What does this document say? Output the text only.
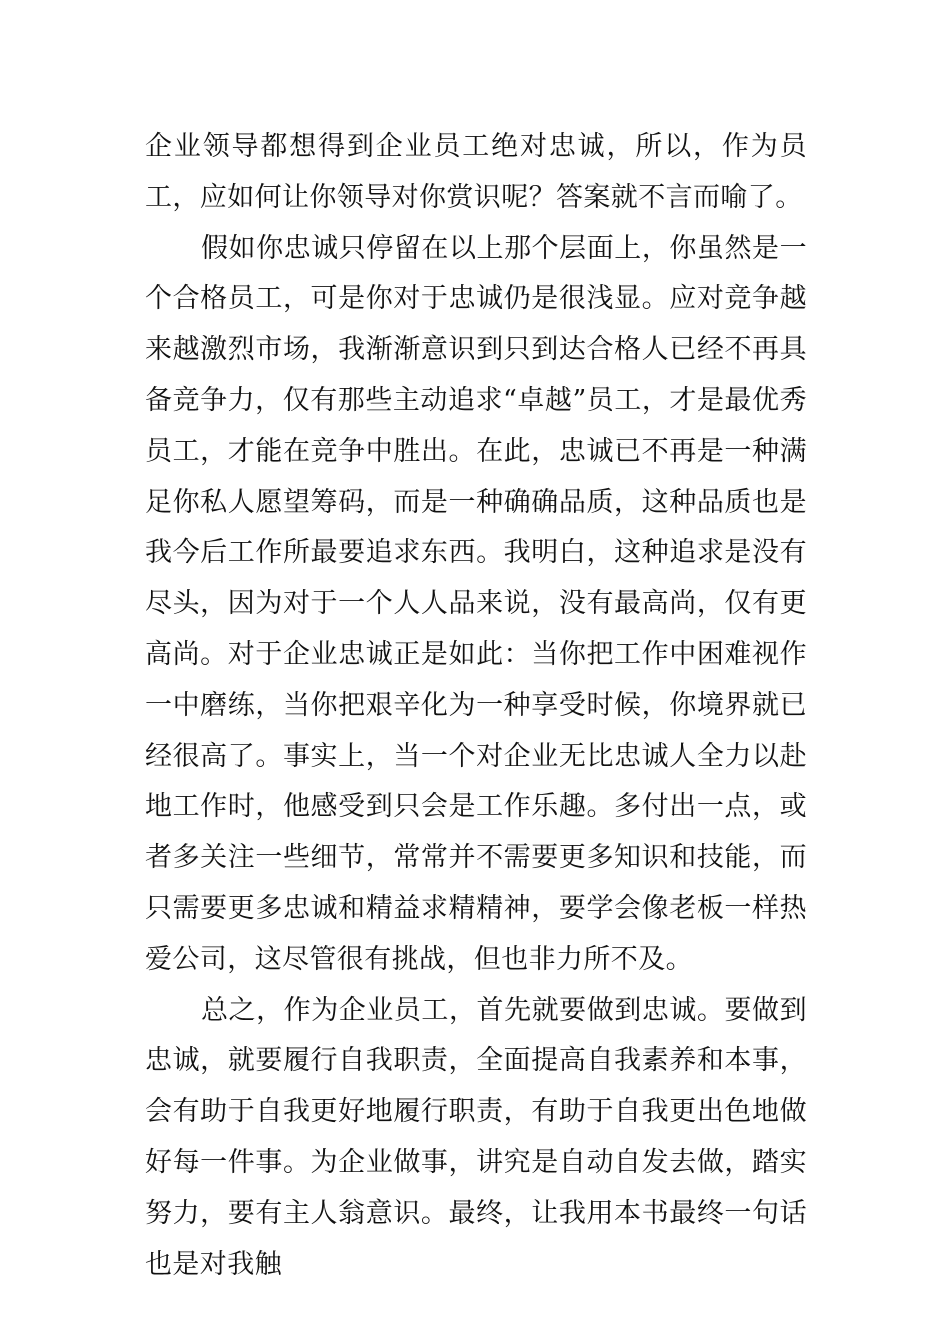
企业领导都想得到企业员工绝对忠诚，所以，作为员工，应如何让你领导对你赏识呢？答案就不言而喻了。

假如你忠诚只停留在以上那个层面上，你虽然是一个合格员工，可是你对于忠诚仍是很浅显。应对竞争越来越激烈市场，我渐渐意识到只到达合格人已经不再具备竞争力，仅有那些主动追求“卓越”员工，才是最优秀员工，才能在竞争中胜出。在此，忠诚已不再是一种满足你私人愿望筹码，而是一种确确品质，这种品质也是我今后工作所最要追求东西。我明白，这种追求是没有尽头，因为对于一个人人品来说，没有最高尚，仅有更高尚。对于企业忠诚正是如此：当你把工作中困难视作一中磨练，当你把艰辛化为一种享受时候，你境界就已经很高了。事实上，当一个对企业无比忠诚人全力以赴地工作时，他感受到只会是工作乐趣。多付出一点，或者多关注一些细节，常常并不需要更多知识和技能，而只需要更多忠诚和精益求精精神，要学会像老板一样热爱公司，这尽管很有挑战，但也非力所不及。

总之，作为企业员工，首先就要做到忠诚。要做到忠诚，就要履行自我职责，全面提高自我素养和本事，会有助于自我更好地履行职责，有助于自我更出色地做好每一件事。为企业做事，讲究是自动自发去做，踏实努力，要有主人翁意识。最终，让我用本书最终一句话也是对我触
